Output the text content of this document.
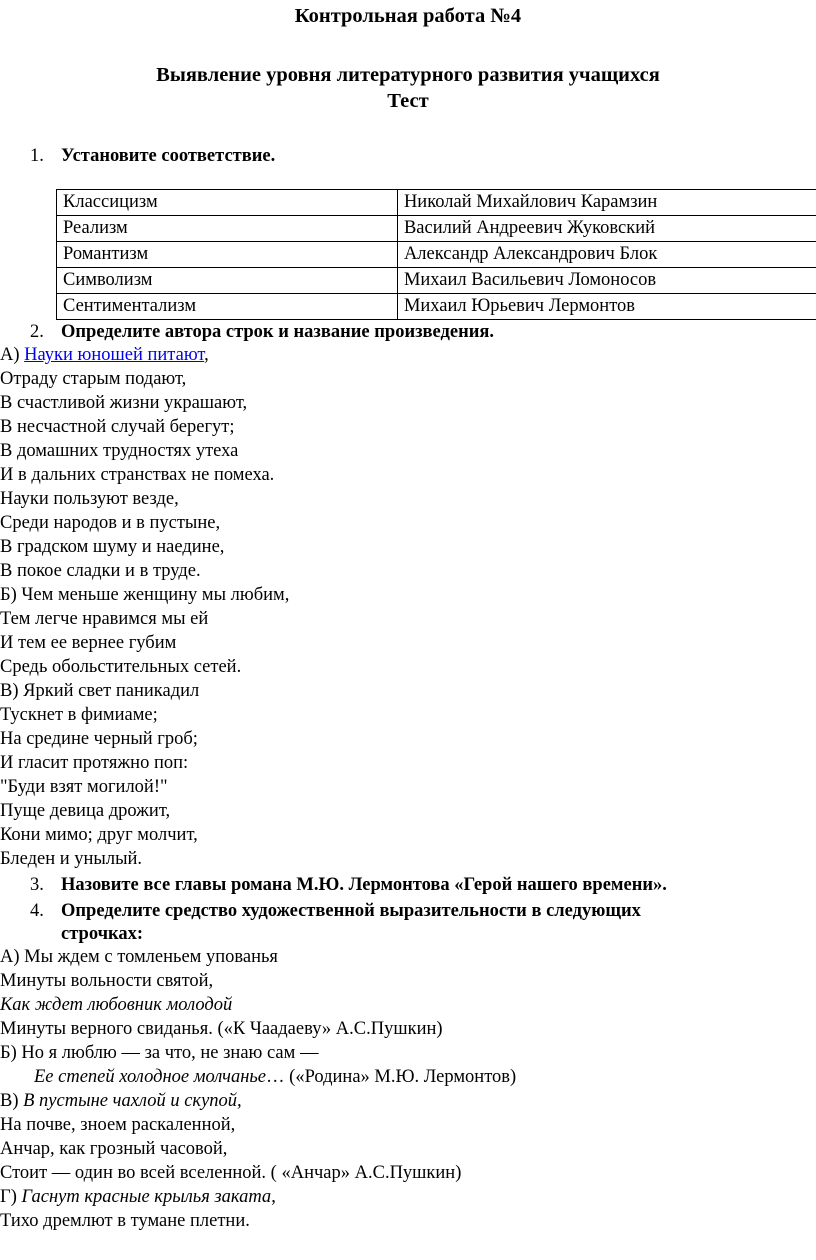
Контрольная работа №4
Выявление уровня литературного развития учащихся
Тест
1. Установите соответствие.
Классицизм	Николай Михайлович Карамзин
Реализм	Василий Андреевич Жуковский
Романтизм	Александр Александрович Блок
Символизм	Михаил Васильевич Ломоносов
Сентиментализм	Михаил Юрьевич Лермонтов
2. Определите автора строк и название произведения.
А) Науки юношей питают,
Отраду старым подают,
В счастливой жизни украшают,
В несчастной случай берегут;
В домашних трудностях утеха
И в дальних странствах не помеха.
Науки пользуют везде,
Среди народов и в пустыне,
В градском шуму и наедине,
В покое сладки и в труде.
Б) Чем меньше женщину мы любим,
Тем легче нравимся мы ей
И тем ее вернее губим
Средь обольстительных сетей.
В) Яркий свет паникадил
Тускнет в фимиаме;
На средине черный гроб;
И гласит протяжно поп:
"Буди взят могилой!"
Пуще девица дрожит,
Кони мимо; друг молчит,
Бледен и унылый.
3. Назовите все главы романа М.Ю. Лермонтова «Герой нашего времени».
4. Определите средство художественной выразительности в следующих
строчках:
А) Мы ждем с томленьем упованья
Минуты вольности святой,
Как ждет любовник молодой
Минуты верного свиданья. («К Чаадаеву» А.С.Пушкин)
Б) Но я люблю — за что, не знаю сам —
Ее степей холодное молчанье… («Родина» М.Ю. Лермонтов)
В) В пустыне чахлой и скупой,
На почве, зноем раскаленной,
Анчар, как грозный часовой,
Стоит — один во всей вселенной. ( «Анчар» А.С.Пушкин)
Г) Гаснут красные крылья заката,
Тихо дремлют в тумане плетни.
